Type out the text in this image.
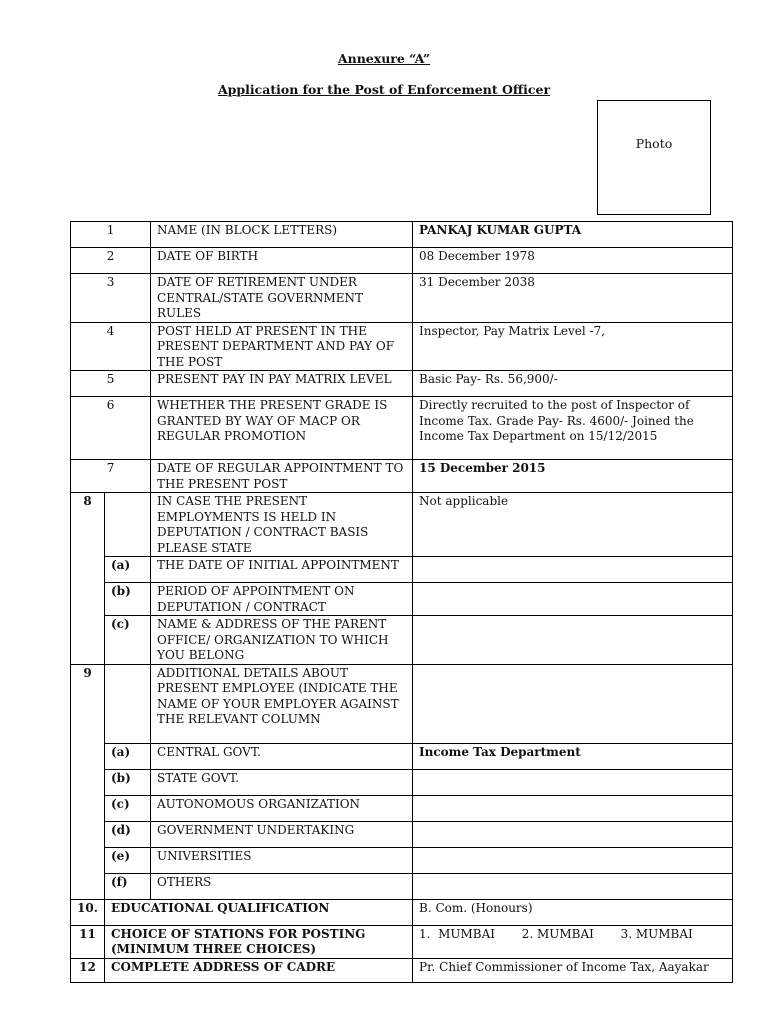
Annexure “A”
Application for the Post of Enforcement Officer
Photo
1		NAME (IN BLOCK LETTERS)	PANKAJ KUMAR GUPTA
2		DATE OF BIRTH	08 December 1978
3		DATE OF RETIREMENT UNDER CENTRAL/STATE GOVERNMENT RULES	31 December 2038
4		POST HELD AT PRESENT IN THE PRESENT DEPARTMENT AND PAY OF THE POST	Inspector, Pay Matrix Level -7,
5		PRESENT PAY IN PAY MATRIX LEVEL	Basic Pay- Rs. 56,900/-
6		WHETHER THE PRESENT GRADE IS GRANTED BY WAY OF MACP OR REGULAR PROMOTION	Directly recruited to the post of Inspector of Income Tax. Grade Pay- Rs. 4600/- Joined the Income Tax Department on 15/12/2015
7		DATE OF REGULAR APPOINTMENT TO THE PRESENT POST	15 December 2015
8		IN CASE THE PRESENT EMPLOYMENTS IS HELD IN DEPUTATION / CONTRACT BASIS PLEASE STATE	Not applicable
	(a)	THE DATE OF INITIAL APPOINTMENT	
	(b)	PERIOD OF APPOINTMENT ON DEPUTATION / CONTRACT	
	(c)	NAME & ADDRESS OF THE PARENT OFFICE/ ORGANIZATION TO WHICH YOU BELONG	
9		ADDITIONAL DETAILS ABOUT PRESENT EMPLOYEE (INDICATE THE NAME OF YOUR EMPLOYER AGAINST THE RELEVANT COLUMN	
	(a)	CENTRAL GOVT.	Income Tax Department
	(b)	STATE GOVT.	
	(c)	AUTONOMOUS ORGANIZATION	
	(d)	GOVERNMENT UNDERTAKING	
	(e)	UNIVERSITIES	
	(f)	OTHERS	
10.	EDUCATIONAL QUALIFICATION		B. Com. (Honours)
11	CHOICE OF STATIONS FOR POSTING (MINIMUM THREE CHOICES)		1.  MUMBAI       2. MUMBAI       3. MUMBAI
12	COMPLETE ADDRESS OF CADRE		Pr. Chief Commissioner of Income Tax, Aayakar
